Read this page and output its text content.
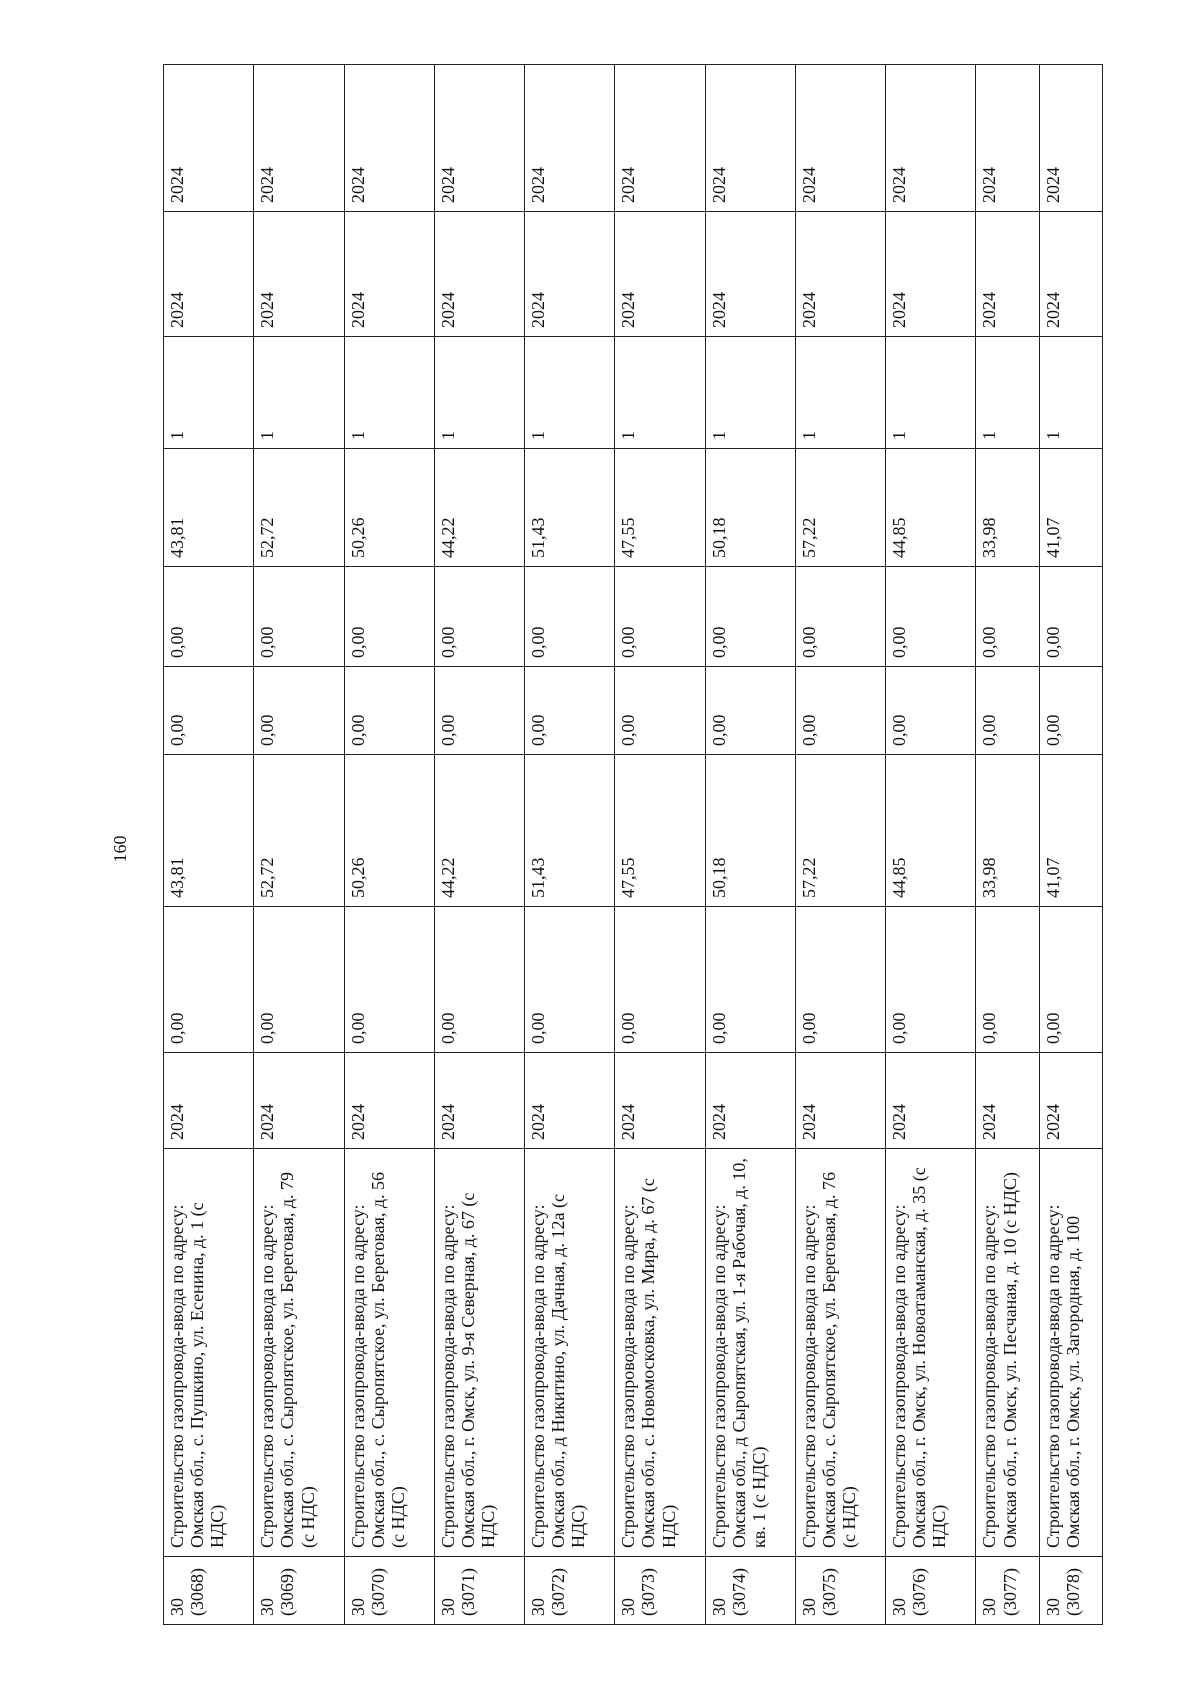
160
30 (3068)	Строительство газопровода-ввода по адресу: Омская обл., с. Пушкино, ул. Есенина, д. 1 (с НДС)	2024	0,00	43,81	0,00	0,00	43,81	1	2024	2024

30 (3069)	Строительство газопровода-ввода по адресу: Омская обл., с. Сыропятское, ул. Береговая, д. 79 (с НДС)	2024	0,00	52,72	0,00	0,00	52,72	1	2024	2024

30 (3070)	Строительство газопровода-ввода по адресу: Омская обл., с. Сыропятское, ул. Береговая, д. 56 (с НДС)	2024	0,00	50,26	0,00	0,00	50,26	1	2024	2024

30 (3071)	Строительство газопровода-ввода по адресу: Омская обл., г. Омск, ул. 9-я Северная, д. 67 (с НДС)	2024	0,00	44,22	0,00	0,00	44,22	1	2024	2024

30 (3072)	Строительство газопровода-ввода по адресу: Омская обл., д Никитино, ул. Дачная, д. 12а (с НДС)	2024	0,00	51,43	0,00	0,00	51,43	1	2024	2024

30 (3073)	Строительство газопровода-ввода по адресу: Омская обл., с. Новомосковка, ул. Мира, д. 67 (с НДС)	2024	0,00	47,55	0,00	0,00	47,55	1	2024	2024

30 (3074)	Строительство газопровода-ввода по адресу: Омская обл., д Сыропятская, ул. 1-я Рабочая, д. 10, кв. 1 (с НДС)	2024	0,00	50,18	0,00	0,00	50,18	1	2024	2024

30 (3075)	Строительство газопровода-ввода по адресу: Омская обл., с. Сыропятское, ул. Береговая, д. 76 (с НДС)	2024	0,00	57,22	0,00	0,00	57,22	1	2024	2024

30 (3076)	Строительство газопровода-ввода по адресу: Омская обл., г. Омск, ул. Новоатаманская, д. 35 (с НДС)	2024	0,00	44,85	0,00	0,00	44,85	1	2024	2024

30 (3077)	Строительство газопровода-ввода по адресу: Омская обл., г. Омск, ул. Песчаная, д. 10 (с НДС)	2024	0,00	33,98	0,00	0,00	33,98	1	2024	2024

30 (3078)	Строительство газопровода-ввода по адресу: Омская обл., г. Омск, ул. Загородная, д. 100	2024	0,00	41,07	0,00	0,00	41,07	1	2024	2024
